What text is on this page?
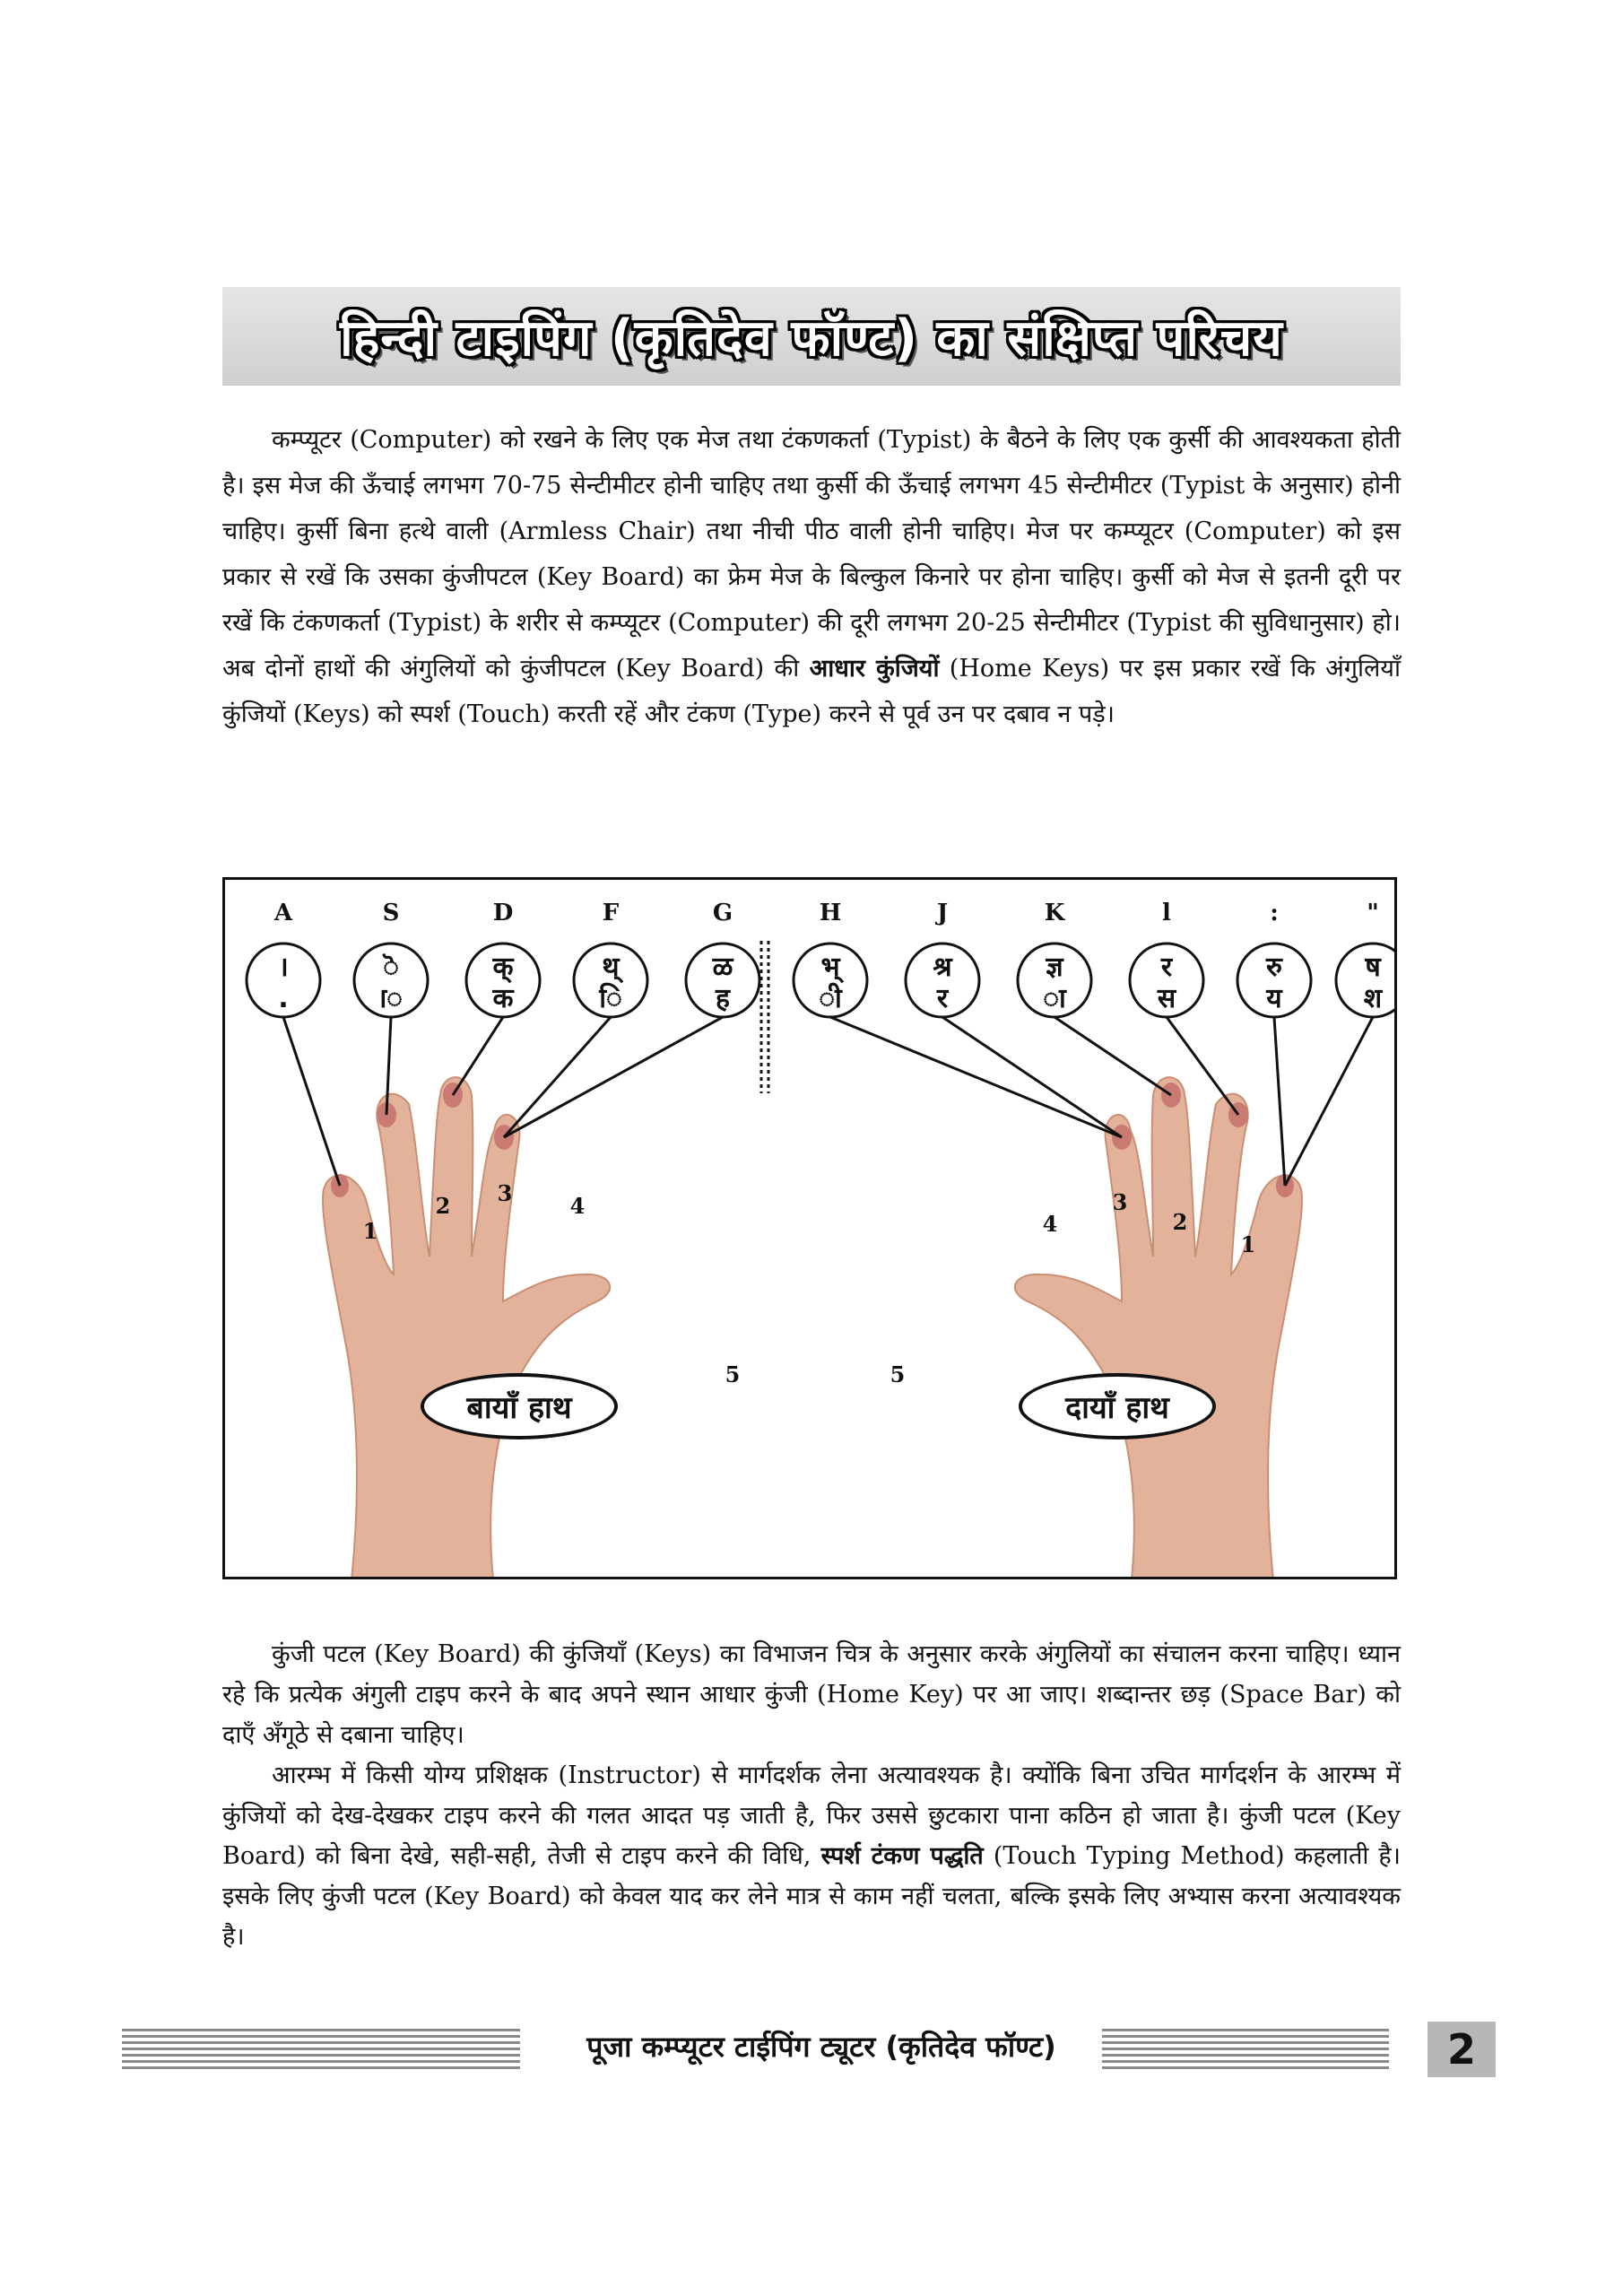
हिन्दी टाइपिंग (कृतिदेव फॉण्ट) का संक्षिप्त परिचय

कम्प्यूटर (Computer) को रखने के लिए एक मेज तथा टंकणकर्ता (Typist) के बैठने के लिए एक कुर्सी की आवश्यकता होती है। इस मेज की ऊँचाई लगभग 70-75 सेन्टीमीटर होनी चाहिए तथा कुर्सी की ऊँचाई लगभग 45 सेन्टीमीटर (Typist के अनुसार) होनी चाहिए। कुर्सी बिना हत्थे वाली (Armless Chair) तथा नीची पीठ वाली होनी चाहिए। मेज पर कम्प्यूटर (Computer) को इस प्रकार से रखें कि उसका कुंजीपटल (Key Board) का फ्रेम मेज के बिल्कुल किनारे पर होना चाहिए। कुर्सी को मेज से इतनी दूरी पर रखें कि टंकणकर्ता (Typist) के शरीर से कम्प्यूटर (Computer) की दूरी लगभग 20-25 सेन्टीमीटर (Typist की सुविधानुसार) हो। अब दोनों हाथों की अंगुलियों को कुंजीपटल (Key Board) की आधार कुंजियों (Home Keys) पर इस प्रकार रखें कि अंगुलियाँ कुंजियों (Keys) को स्पर्श (Touch) करती रहें और टंकण (Type) करने से पूर्व उन पर दबाव न पड़े।

A
।
.
S
ॆ
ॎ
D
क्
क
F
थ्
ि
G
ळ
ह
H
भ्
ी
J
श्र
र
K
ज्ञ
ा
l
र
स
:
रु
य
"
ष
श
1
2 3	4
5
4
3
2
1
5
बायाँ हाथ	दायाँ हाथ

कुंजी पटल (Key Board) की कुंजियाँ (Keys) का विभाजन चित्र के अनुसार करके अंगुलियों का संचालन करना चाहिए। ध्यान रहे कि प्रत्येक अंगुली टाइप करने के बाद अपने स्थान आधार कुंजी (Home Key) पर आ जाए। शब्दान्तर छड़ (Space Bar) को दाएँ अँगूठे से दबाना चाहिए।

आरम्भ में किसी योग्य प्रशिक्षक (Instructor) से मार्गदर्शक लेना अत्यावश्यक है। क्योंकि बिना उचित मार्गदर्शन के आरम्भ में कुंजियों को देख-देखकर टाइप करने की गलत आदत पड़ जाती है, फिर उससे छुटकारा पाना कठिन हो जाता है। कुंजी पटल (Key Board) को बिना देखे, सही-सही, तेजी से टाइप करने की विधि, स्पर्श टंकण पद्धति (Touch Typing Method) कहलाती है। इसके लिए कुंजी पटल (Key Board) को केवल याद कर लेने मात्र से काम नहीं चलता, बल्कि इसके लिए अभ्यास करना अत्यावश्यक है।

पूजा कम्प्यूटर टाईपिंग ट्यूटर (कृतिदेव फॉण्ट)	2
